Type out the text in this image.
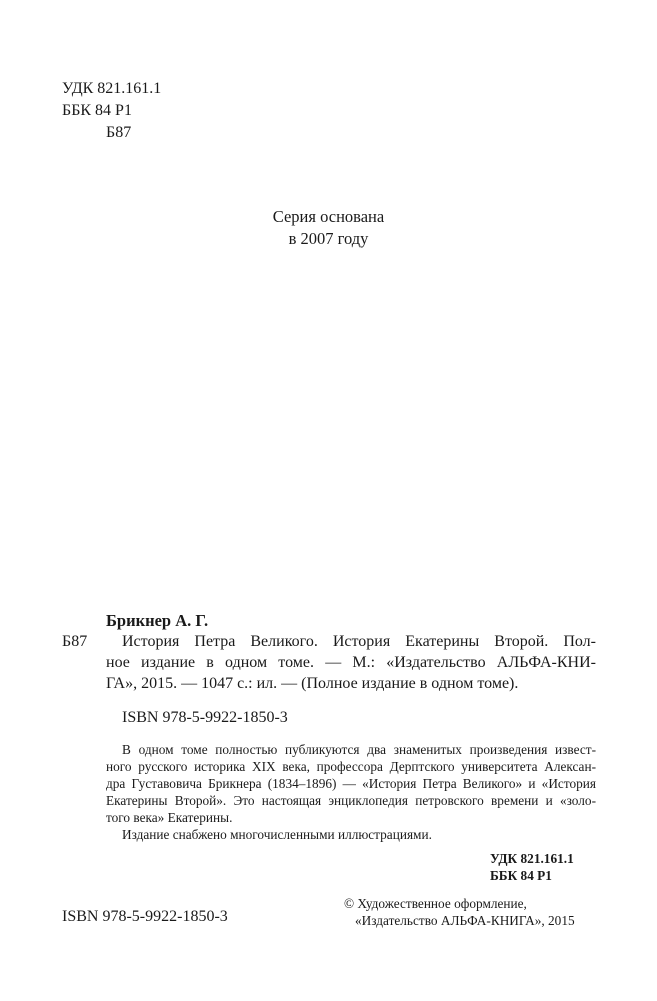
УДК 821.161.1
ББК 84 Р1
Б87
Серия основана
в 2007 году
Брикнер А. Г.
Б87 История Петра Великого. История Екатерины Второй. Пол-
ное издание в одном томе. — М.: «Издательство АЛЬФА-КНИ-
ГА», 2015. — 1047 с.: ил. — (Полное издание в одном томе).
ISBN 978-5-9922-1850-3
В одном томе полностью публикуются два знаменитых произведения извест-
ного русского историка XIX века, профессора Дерптского университета Алексан-
дра Густавовича Брикнера (1834–1896) — «История Петра Великого» и «История
Екатерины Второй». Это настоящая энциклопедия петровского времени и «золо-
того века» Екатерины.
Издание снабжено многочисленными иллюстрациями.
УДК 821.161.1
ББК 84 Р1
ISBN 978-5-9922-1850-3
© Художественное оформление,
«Издательство АЛЬФА-КНИГА», 2015
